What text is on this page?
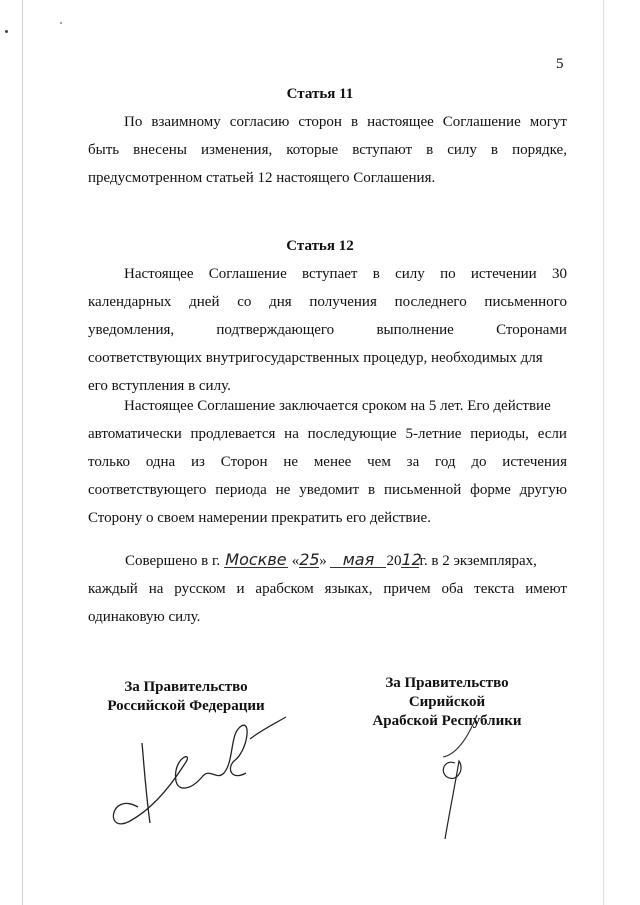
5
Статья 11
По взаимному согласию сторон в настоящее Соглашение могут
быть внесены изменения, которые вступают в силу в порядке,
предусмотренном статьей 12 настоящего Соглашения.
Статья 12
Настоящее Соглашение вступает в силу по истечении 30
календарных дней со дня получения последнего письменного
уведомления,	подтверждающего	выполнение	Сторонами
соответствующих внутригосударственных процедур, необходимых для
его вступления в силу.
Настоящее Соглашение заключается сроком на 5 лет. Его действие
автоматически продлевается на последующие 5-летние периоды, если
только одна из Сторон не менее чем за год до истечения
соответствующего периода не уведомит в письменной форме другую
Сторону о своем намерении прекратить его действие.
Совершено в г. Москве «25» мая 2012г. в 2 экземплярах,
каждый на русском и арабском языках, причем оба текста имеют
одинаковую силу.
За Правительство
Российской Федерации
За Правительство
Сирийской
Арабской Республики
